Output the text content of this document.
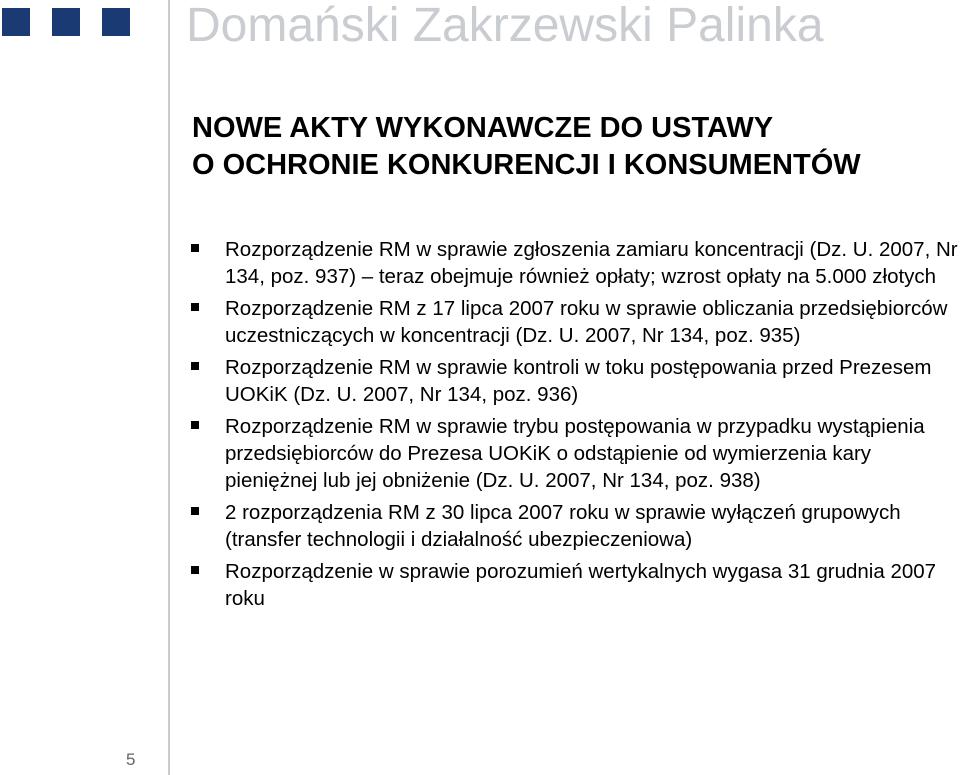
Domański Zakrzewski Palinka
NOWE AKTY WYKONAWCZE DO USTAWY
O OCHRONIE KONKURENCJI I KONSUMENTÓW
Rozporządzenie RM w sprawie zgłoszenia zamiaru koncentracji (Dz. U. 2007, Nr 134, poz. 937) – teraz obejmuje również opłaty; wzrost opłaty na 5.000 złotych
Rozporządzenie RM z 17 lipca 2007 roku w sprawie obliczania przedsiębiorców uczestniczących w koncentracji (Dz. U. 2007, Nr 134, poz. 935)
Rozporządzenie RM w sprawie kontroli w toku postępowania przed Prezesem UOKiK (Dz. U. 2007, Nr 134, poz. 936)
Rozporządzenie RM w sprawie trybu postępowania w przypadku wystąpienia przedsiębiorców do Prezesa UOKiK o odstąpienie od wymierzenia kary pieniężnej lub jej obniżenie (Dz. U. 2007, Nr 134, poz. 938)
2 rozporządzenia RM z 30 lipca 2007 roku w sprawie wyłączeń grupowych (transfer technologii i działalność ubezpieczeniowa)
Rozporządzenie w sprawie porozumień wertykalnych wygasa 31 grudnia 2007 roku
5
